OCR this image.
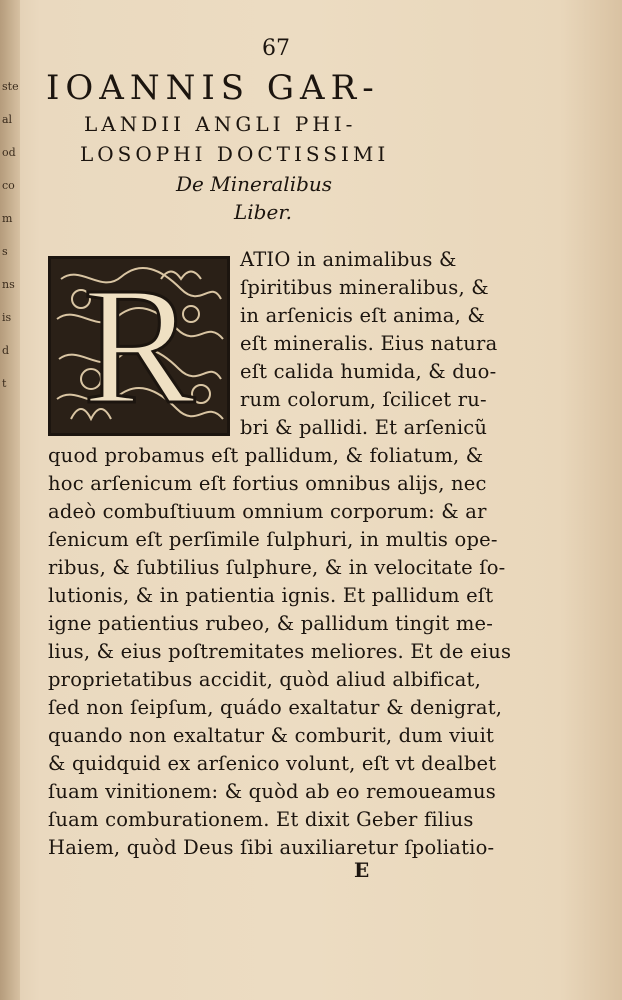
ste
al
od
co
m
s
ns
is
d
t
67
IOANNIS GAR-
LANDII ANGLI PHI-
LOSOPHI DOCTISSIMI
De Mineralibus
Liber.
R	ATIO in animalibus &
ſpiritibus mineralibus, &
in arſenicis eſt anima, &
eſt mineralis. Eius natura
eſt calida humida, & duo-
rum colorum, ſcilicet ru-
bri & pallidi. Et arſenicũ
quod probamus eſt pallidum, & foliatum, &
hoc arſenicum eſt fortius omnibus alijs, nec
adeò combuſtiuum omnium corporum: & ar
ſenicum eſt perſimile ſulphuri, in multis ope-
ribus, & ſubtilius ſulphure, & in velocitate ſo-
lutionis, & in patientia ignis. Et pallidum eſt
igne patientius rubeo, & pallidum tingit me-
lius, & eius poſtremitates meliores. Et de eius
proprietatibus accidit, quòd aliud albificat,
ſed non ſeipſum, quádo exaltatur & denigrat,
quando non exaltatur & comburit, dum viuit
& quidquid ex arſenico volunt, eſt vt dealbet
ſuam vinitionem: & quòd ab eo remoueamus
ſuam comburationem. Et dixit Geber filius
Haiem, quòd Deus ſibi auxiliaretur ſpoliatio-
E
